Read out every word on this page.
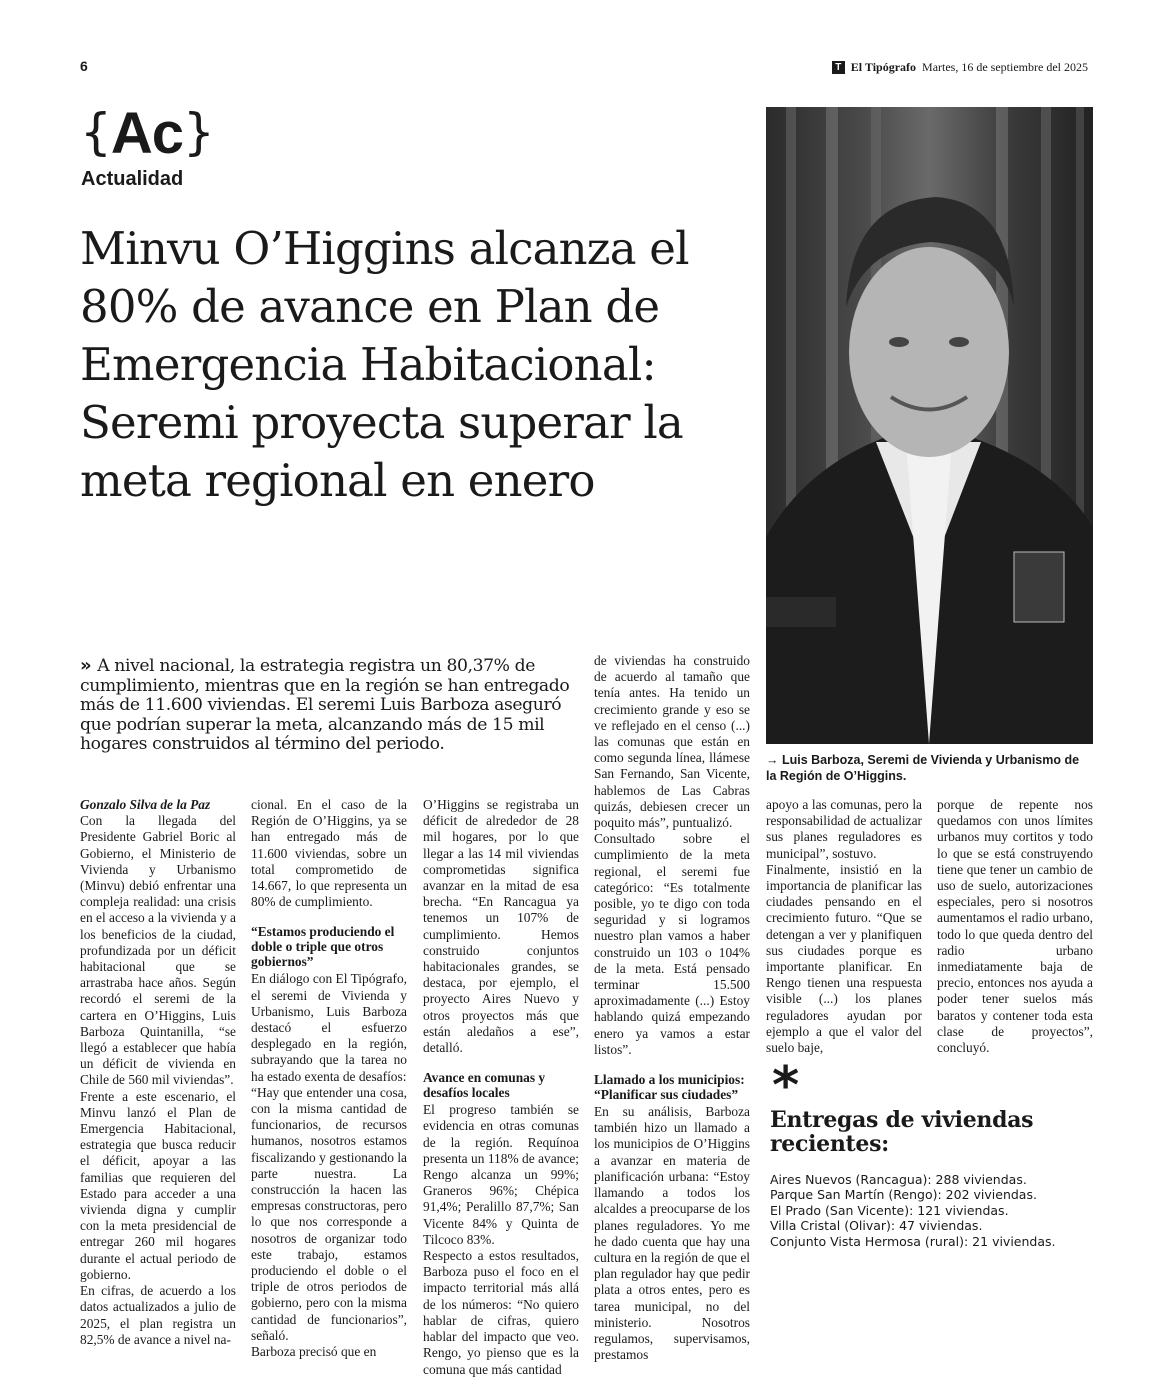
6	T El Tipógrafo Martes, 16 de septiembre del 2025
{Ac}
Actualidad
Minvu O’Higgins alcanza el 80% de avance en Plan de Emergencia Habitacional: Seremi proyecta superar la meta regional en enero
→ Luis Barboza, Seremi de Vivienda y Urbanismo de la Región de O’Higgins.
» A nivel nacional, la estrategia registra un 80,37% de cumplimiento, mientras que en la región se han entregado más de 11.600 viviendas. El seremi Luis Barboza aseguró que podrían superar la meta, alcanzando más de 15 mil hogares construidos al término del periodo.

Gonzalo Silva de la Paz

Con la llegada del Presidente Gabriel Boric al Gobierno, el Ministerio de Vivienda y Urbanismo (Minvu) debió enfrentar una compleja realidad: una crisis en el acceso a la vivienda y a los beneficios de la ciudad, profundizada por un déficit habitacional que se arrastraba hace años. Según recordó el seremi de la cartera en O’Higgins, Luis Barboza Quintanilla, “se llegó a establecer que había un déficit de vivienda en Chile de 560 mil viviendas”.

Frente a este escenario, el Minvu lanzó el Plan de Emergencia Habitacional, estrategia que busca reducir el déficit, apoyar a las familias que requieren del Estado para acceder a una vivienda digna y cumplir con la meta presidencial de entregar 260 mil hogares durante el actual periodo de gobierno.

En cifras, de acuerdo a los datos actualizados a julio de 2025, el plan registra un 82,5% de avance a nivel na-

cional. En el caso de la Región de O’Higgins, ya se han entregado más de 11.600 viviendas, sobre un total comprometido de 14.667, lo que representa un 80% de cumplimiento.

“Estamos produciendo el doble o triple que otros gobiernos”

En diálogo con El Tipógrafo, el seremi de Vivienda y Urbanismo, Luis Barboza destacó el esfuerzo desplegado en la región, subrayando que la tarea no ha estado exenta de desafíos:

“Hay que entender una cosa, con la misma cantidad de funcionarios, de recursos humanos, nosotros estamos fiscalizando y gestionando la parte nuestra. La construcción la hacen las empresas constructoras, pero lo que nos corresponde a nosotros de organizar todo este trabajo, estamos produciendo el doble o el triple de otros periodos de gobierno, pero con la misma cantidad de funcionarios”, señaló.

Barboza precisó que en

O’Higgins se registraba un déficit de alrededor de 28 mil hogares, por lo que llegar a las 14 mil viviendas comprometidas significa avanzar en la mitad de esa brecha. “En Rancagua ya tenemos un 107% de cumplimiento. Hemos construido conjuntos habitacionales grandes, se destaca, por ejemplo, el proyecto Aires Nuevo y otros proyectos más que están aledaños a ese”, detalló.

Avance en comunas y desafíos locales

El progreso también se evidencia en otras comunas de la región. Requínoa presenta un 118% de avance; Rengo alcanza un 99%; Graneros 96%; Chépica 91,4%; Peralillo 87,7%; San Vicente 84% y Quinta de Tilcoco 83%.

Respecto a estos resultados, Barboza puso el foco en el impacto territorial más allá de los números: “No quiero hablar de cifras, quiero hablar del impacto que veo. Rengo, yo pienso que es la comuna que más cantidad

de viviendas ha construido de acuerdo al tamaño que tenía antes. Ha tenido un crecimiento grande y eso se ve reflejado en el censo (...) las comunas que están en como segunda línea, llámese San Fernando, San Vicente, hablemos de Las Cabras quizás, debiesen crecer un poquito más”, puntualizó.

Consultado sobre el cumplimiento de la meta regional, el seremi fue categórico: “Es totalmente posible, yo te digo con toda seguridad y si logramos nuestro plan vamos a haber construido un 103 o 104% de la meta. Está pensado terminar 15.500 aproximadamente (...) Estoy hablando quizá empezando enero ya vamos a estar listos”.

Llamado a los municipios: “Planificar sus ciudades”

En su análisis, Barboza también hizo un llamado a los municipios de O’Higgins a avanzar en materia de planificación urbana: “Estoy llamando a todos los alcaldes a preocuparse de los planes reguladores. Yo me he dado cuenta que hay una cultura en la región de que el plan regulador hay que pedir plata a otros entes, pero es tarea municipal, no del ministerio. Nosotros regulamos, supervisamos, prestamos

apoyo a las comunas, pero la responsabilidad de actualizar sus planes reguladores es municipal”, sostuvo.

Finalmente, insistió en la importancia de planificar las ciudades pensando en el crecimiento futuro. “Que se detengan a ver y planifiquen sus ciudades porque es importante planificar. En Rengo tienen una respuesta visible (...) los planes reguladores ayudan por ejemplo a que el valor del suelo baje,

porque de repente nos quedamos con unos límites urbanos muy cortitos y todo lo que se está construyendo tiene que tener un cambio de uso de suelo, autorizaciones especiales, pero si nosotros aumentamos el radio urbano, todo lo que queda dentro del radio urbano inmediatamente baja de precio, entonces nos ayuda a poder tener suelos más baratos y contener toda esta clase de proyectos”, concluyó.

*
Entregas de viviendas recientes:
Aires Nuevos (Rancagua): 288 viviendas.
Parque San Martín (Rengo): 202 viviendas.
El Prado (San Vicente): 121 viviendas.
Villa Cristal (Olivar): 47 viviendas.
Conjunto Vista Hermosa (rural): 21 viviendas.
